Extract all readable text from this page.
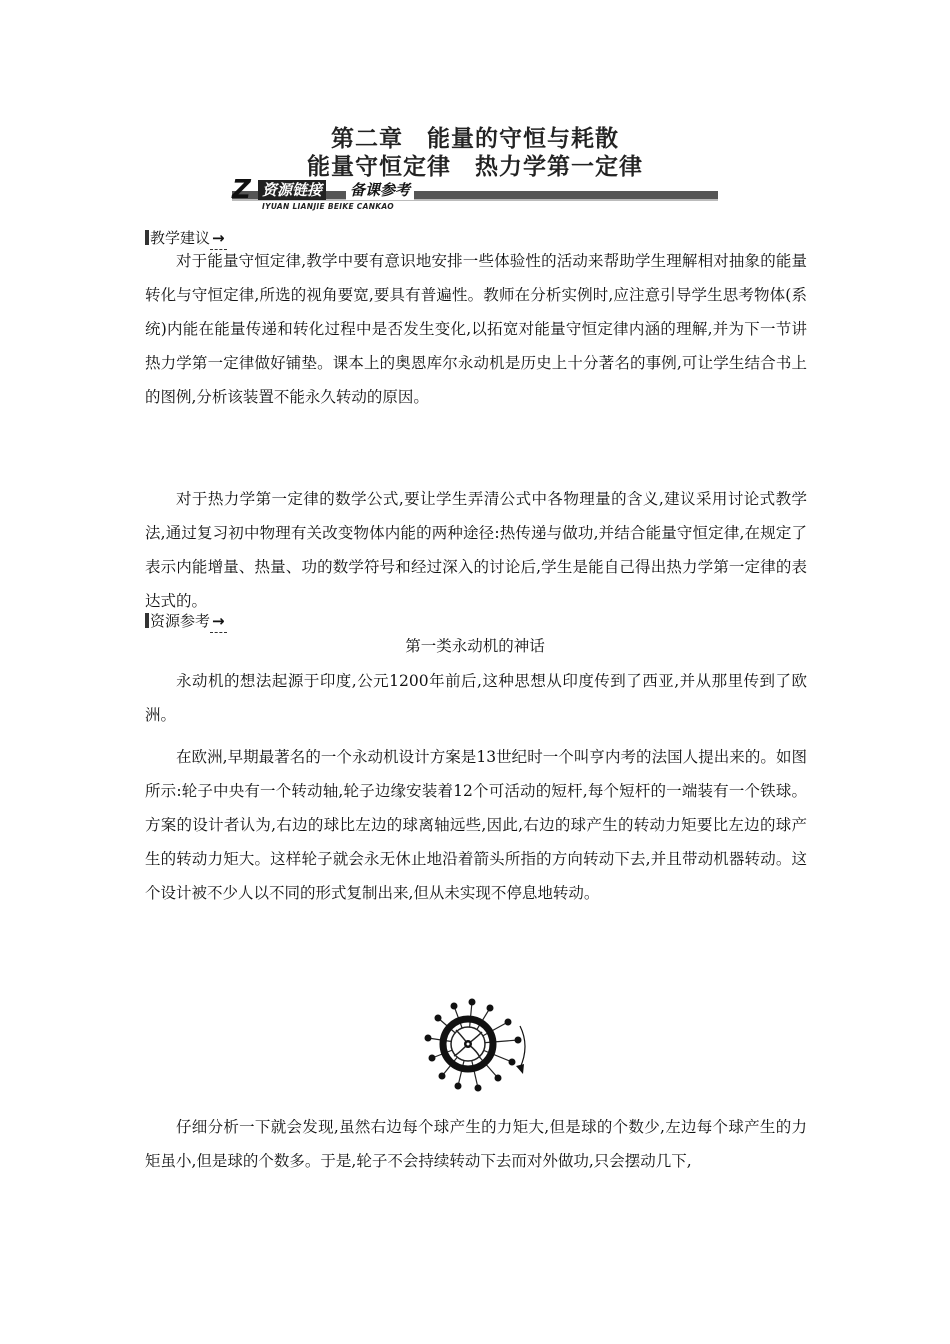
第二章　能量的守恒与耗散
能量守恒定律　热力学第一定律
Z 资源链接 备课参考
IYUAN LIANJIE BEIKE CANKAO
教学建议 →

对于能量守恒定律,教学中要有意识地安排一些体验性的活动来帮助学生理解相对抽象的能量转化与守恒定律,所选的视角要宽,要具有普遍性。教师在分析实例时,应注意引导学生思考物体(系统)内能在能量传递和转化过程中是否发生变化,以拓宽对能量守恒定律内涵的理解,并为下一节讲热力学第一定律做好铺垫。课本上的奥恩库尔永动机是历史上十分著名的事例,可让学生结合书上的图例,分析该装置不能永久转动的原因。

对于热力学第一定律的数学公式,要让学生弄清公式中各物理量的含义,建议采用讨论式教学法,通过复习初中物理有关改变物体内能的两种途径:热传递与做功,并结合能量守恒定律,在规定了表示内能增量、热量、功的数学符号和经过深入的讨论后,学生是能自己得出热力学第一定律的表达式的。

资源参考 →
第一类永动机的神话

永动机的想法起源于印度,公元1200年前后,这种思想从印度传到了西亚,并从那里传到了欧洲。

在欧洲,早期最著名的一个永动机设计方案是13世纪时一个叫亨内考的法国人提出来的。如图所示:轮子中央有一个转动轴,轮子边缘安装着12个可活动的短杆,每个短杆的一端装有一个铁球。方案的设计者认为,右边的球比左边的球离轴远些,因此,右边的球产生的转动力矩要比左边的球产生的转动力矩大。这样轮子就会永无休止地沿着箭头所指的方向转动下去,并且带动机器转动。这个设计被不少人以不同的形式复制出来,但从未实现不停息地转动。

仔细分析一下就会发现,虽然右边每个球产生的力矩大,但是球的个数少,左边每个球产生的力矩虽小,但是球的个数多。于是,轮子不会持续转动下去而对外做功,只会摆动几下,
